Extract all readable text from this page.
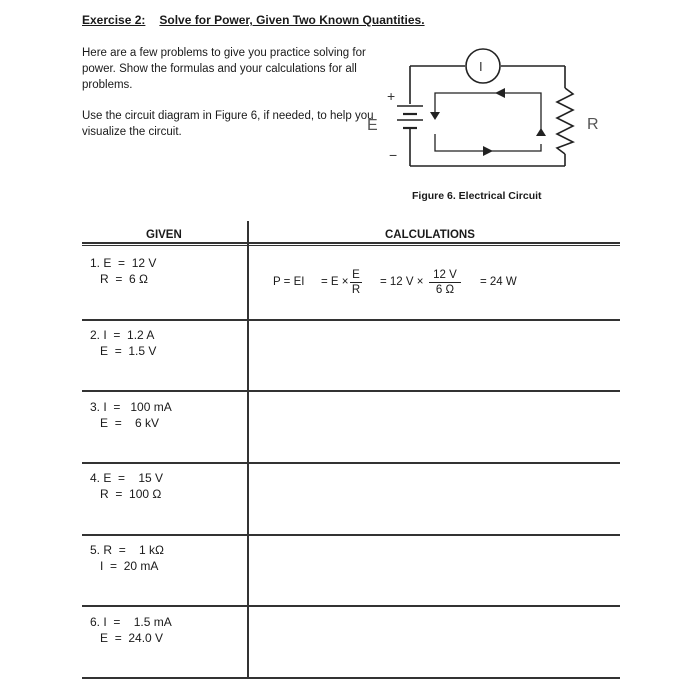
Exercise 2: Solve for Power, Given Two Known Quantities.
Here are a few problems to give you practice solving for power. Show the formulas and your calculations for all problems.
Use the circuit diagram in Figure 6, if needed, to help you visualize the circuit.
I
+
E
−
R
Figure 6. Electrical Circuit
GIVEN	CALCULATIONS
1. E  =  12 V
R  =  6 Ω
2. I  =  1.2 A
E  =  1.5 V
3. I  =   100 mA
E  =    6 kV
4. E  =    15 V
R  =  100 Ω
5. R  =    1 kΩ
I  =  20 mA
6. I  =    1.5 mA
E  =  24.0 V
P = EI = $E \times \frac{E}{R} = 12$ $V \times \frac{12 V}{6 \Omega} = 24$ W
